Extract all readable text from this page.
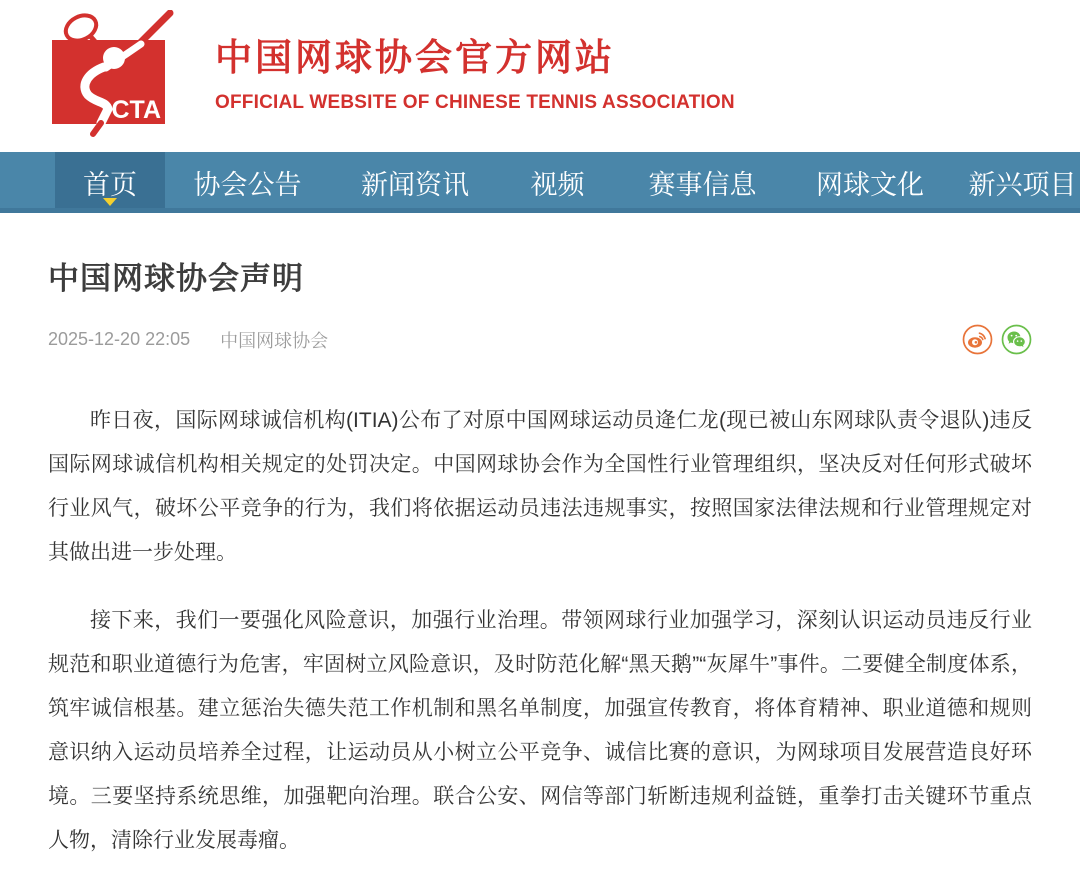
CTA
中国网球协会官方网站
OFFICIAL WEBSITE OF CHINESE TENNIS ASSOCIATION
首页 协会公告 新闻资讯 视频 赛事信息 网球文化 新兴项目
中国网球协会声明
2025-12-20 22:05 中国网球协会

昨日夜，国际网球诚信机构(ITIA)公布了对原中国网球运动员逄仁龙(现已被山东网球队责令退队)违反国际网球诚信机构相关规定的处罚决定。中国网球协会作为全国性行业管理组织，坚决反对任何形式破坏行业风气，破坏公平竞争的行为，我们将依据运动员违法违规事实，按照国家法律法规和行业管理规定对其做出进一步处理。

接下来，我们一要强化风险意识，加强行业治理。带领网球行业加强学习，深刻认识运动员违反行业规范和职业道德行为危害，牢固树立风险意识，及时防范化解“黑天鹅”“灰犀牛”事件。二要健全制度体系，筑牢诚信根基。建立惩治失德失范工作机制和黑名单制度，加强宣传教育，将体育精神、职业道德和规则意识纳入运动员培养全过程，让运动员从小树立公平竞争、诚信比赛的意识，为网球项目发展营造良好环境。三要坚持系统思维，加强靶向治理。联合公安、网信等部门斩断违规利益链，重拳打击关键环节重点人物，清除行业发展毒瘤。
